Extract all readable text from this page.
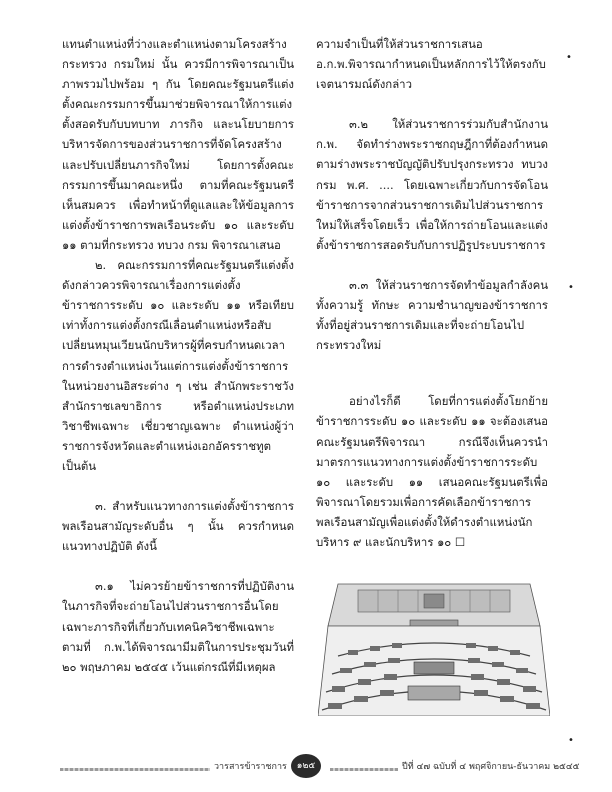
แทนตำแหน่งที่ว่างและตำแหน่งตามโครงสร้างกระทรวง กรมใหม่ นั้น ควรมีการพิจารณาเป็นภาพรวมไปพร้อม ๆ กัน โดยคณะรัฐมนตรีแต่งตั้งคณะกรรมการขึ้นมาช่วยพิจารณาให้การแต่งตั้งสอดรับกับบทบาท ภารกิจ และนโยบายการบริหารจัดการของส่วนราชการที่จัดโครงสร้างและปรับเปลี่ยนภารกิจใหม่ โดยการตั้งคณะกรรมการขึ้นมาคณะหนึ่ง ตามที่คณะรัฐมนตรีเห็นสมควร เพื่อทำหน้าที่ดูแลและให้ข้อมูลการแต่งตั้งข้าราชการพลเรือนระดับ ๑๐ และระดับ ๑๑ ตามที่กระทรวง ทบวง กรม พิจารณาเสนอ

๒. คณะกรรมการที่คณะรัฐมนตรีแต่งตั้งดังกล่าวควรพิจารณาเรื่องการแต่งตั้งข้าราชการระดับ ๑๐ และระดับ ๑๑ หรือเทียบเท่าทั้งการแต่งตั้งกรณีเลื่อนตำแหน่งหรือสับเปลี่ยนหมุนเวียนนักบริหารผู้ที่ครบกำหนดเวลาการดำรงตำแหน่งเว้นแต่การแต่งตั้งข้าราชการในหน่วยงานอิสระต่าง ๆ เช่น สำนักพระราชวัง สำนักราชเลขาธิการ หรือตำแหน่งประเภทวิชาชีพเฉพาะ เชี่ยวชาญเฉพาะ ตำแหน่งผู้ว่าราชการจังหวัดและตำแหน่งเอกอัครราชทูต เป็นต้น

๓. สำหรับแนวทางการแต่งตั้งข้าราชการพลเรือนสามัญระดับอื่น ๆ นั้น ควรกำหนดแนวทางปฏิบัติ ดังนี้

๓.๑ ไม่ควรย้ายข้าราชการที่ปฏิบัติงานในภารกิจที่จะถ่ายโอนไปส่วนราชการอื่นโดยเฉพาะภารกิจที่เกี่ยวกับเทคนิควิชาชีพเฉพาะ ตามที่ ก.พ.ได้พิจารณามีมติในการประชุมวันที่ ๒๐ พฤษภาคม ๒๕๔๕ เว้นแต่กรณีที่มีเหตุผล

ความจำเป็นที่ให้ส่วนราชการเสนอ อ.ก.พ.พิจารณากำหนดเป็นหลักการไว้ให้ตรงกับเจตนารมณ์ดังกล่าว

๓.๒ ให้ส่วนราชการร่วมกับสำนักงาน ก.พ. จัดทำร่างพระราชกฤษฎีกาที่ต้องกำหนดตามร่างพระราชบัญญัติปรับปรุงกระทรวง ทบวง กรม พ.ศ. .... โดยเฉพาะเกี่ยวกับการจัดโอนข้าราชการจากส่วนราชการเดิมไปส่วนราชการใหม่ให้เสร็จโดยเร็ว เพื่อให้การถ่ายโอนและแต่งตั้งข้าราชการสอดรับกับการปฏิรูประบบราชการ

๓.๓ ให้ส่วนราชการจัดทำข้อมูลกำลังคนทั้งความรู้ ทักษะ ความชำนาญของข้าราชการ ทั้งที่อยู่ส่วนราชการเดิมและที่จะถ่ายโอนไปกระทรวงใหม่

อย่างไรก็ดี โดยที่การแต่งตั้งโยกย้ายข้าราชการระดับ ๑๐ และระดับ ๑๑ จะต้องเสนอคณะรัฐมนตรีพิจารณา กรณีจึงเห็นควรนำมาตรการแนวทางการแต่งตั้งข้าราชการระดับ ๑๐ และระดับ ๑๑ เสนอคณะรัฐมนตรีเพื่อพิจารณาโดยรวมเพื่อการคัดเลือกข้าราชการพลเรือนสามัญเพื่อแต่งตั้งให้ดำรงตำแหน่งนักบริหาร ๙ และนักบริหาร ๑๐ ☐

•
•
•
วารสารข้าราชการ	๑๒๕	ปีที่ ๔๗ ฉบับที่ ๔ พฤศจิกายน-ธันวาคม ๒๕๔๕
